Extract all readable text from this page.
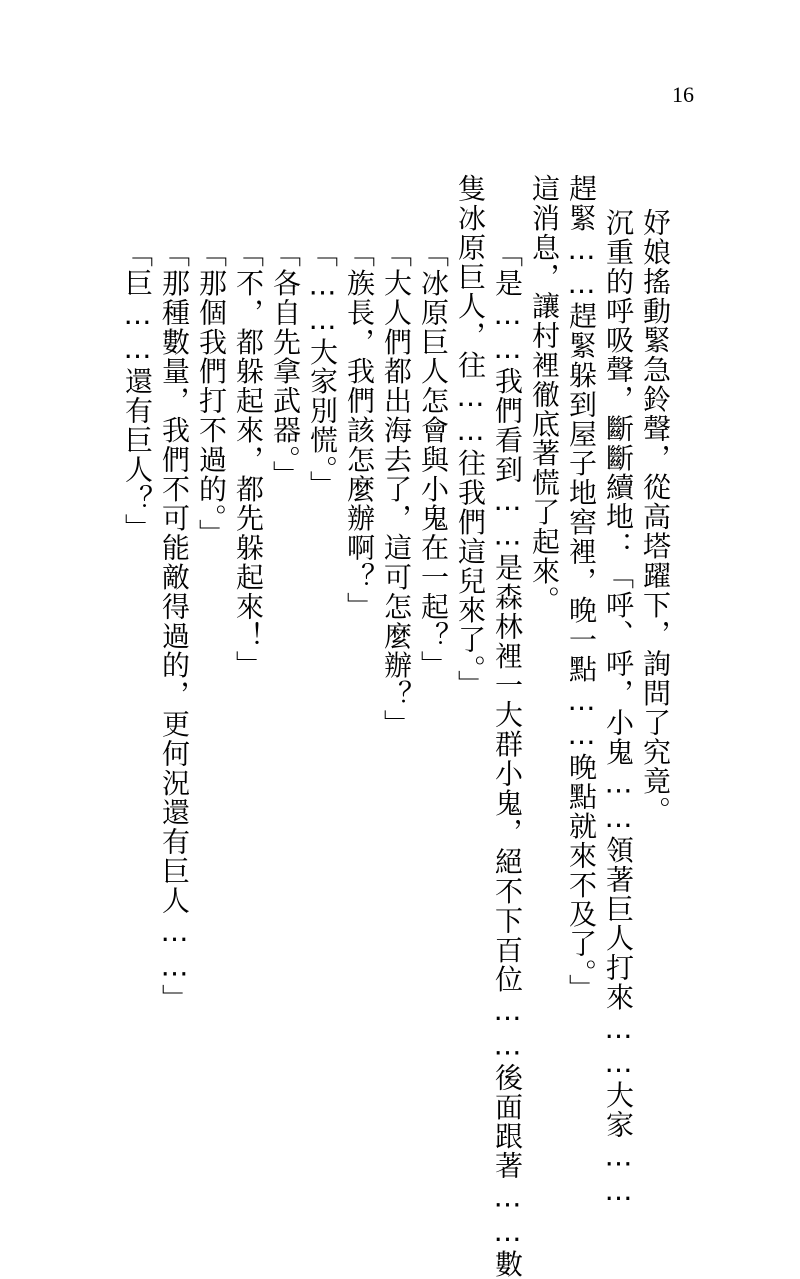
16
妤娘搖動緊急鈴聲，從高塔躍下，詢問了究竟。
沉重的呼吸聲，斷斷續地：「呼、呼，小鬼……領著巨人打來……大家……
趕緊……趕緊躲到屋子地窖裡，晚一點……晚點就來不及了。」
這消息，讓村裡徹底著慌了起來。
「是……我們看到……是森林裡一大群小鬼，絕不下百位……後面跟著……數
隻冰原巨人，往……往我們這兒來了。」
「冰原巨人怎會與小鬼在一起？」
「大人們都出海去了，這可怎麼辦？」
「族長，我們該怎麼辦啊？」
「……大家別慌。」
「各自先拿武器。」
「不，都躲起來，都先躲起來！」
「那個我們打不過的。」
「那種數量，我們不可能敵得過的，更何況還有巨人……」
「巨……還有巨人？」
